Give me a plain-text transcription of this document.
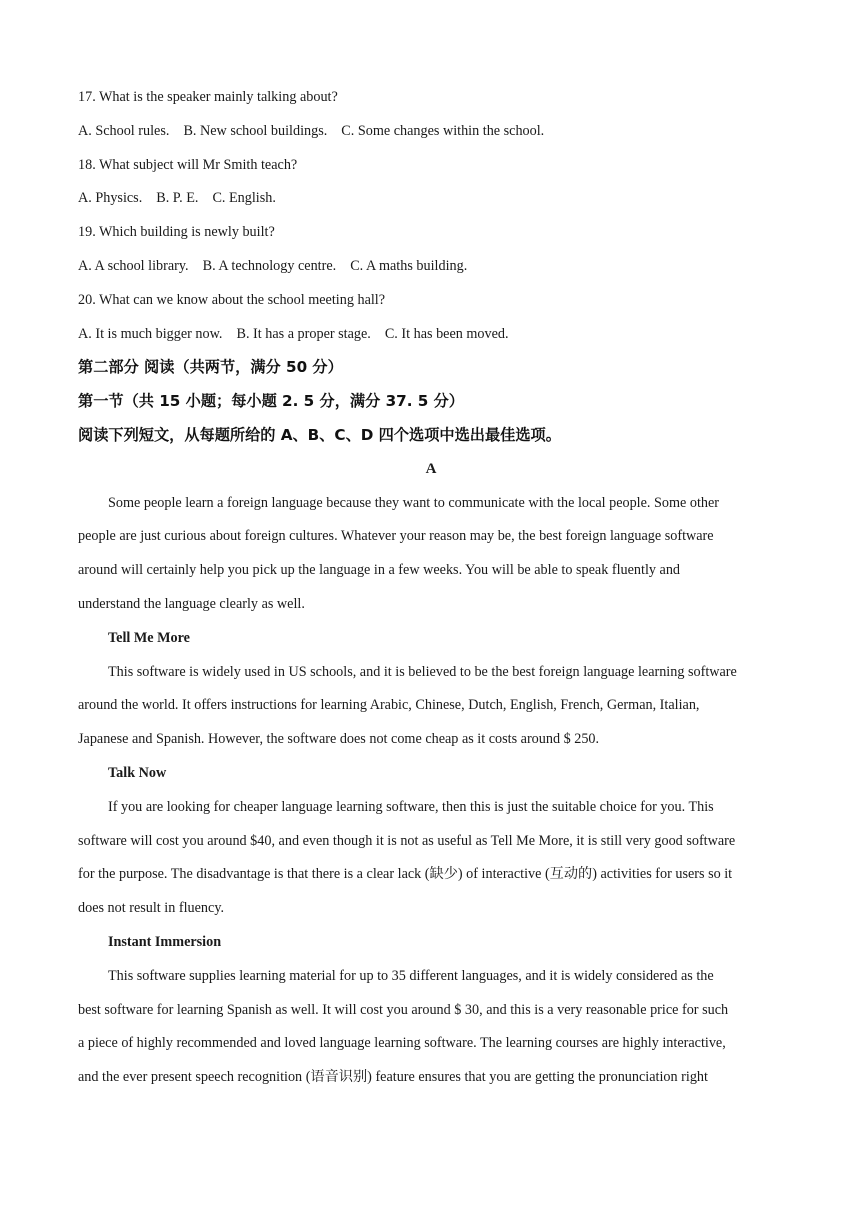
17. What is the speaker mainly talking about?
A. School rules. B. New school buildings. C. Some changes within the school.
18. What subject will Mr Smith teach?
A. Physics. B. P. E. C. English.
19. Which building is newly built?
A. A school library. B. A technology centre. C. A maths building.
20. What can we know about the school meeting hall?
A. It is much bigger now. B. It has a proper stage. C. It has been moved.
第二部分 阅读（共两节，满分 50 分）
第一节（共 15 小题；每小题 2. 5 分，满分 37. 5 分）
阅读下列短文，从每题所给的 A、B、C、D 四个选项中选出最佳选项。
A
Some people learn a foreign language because they want to communicate with the local people. Some other
people are just curious about foreign cultures. Whatever your reason may be, the best foreign language software
around will certainly help you pick up the language in a few weeks. You will be able to speak fluently and
understand the language clearly as well.
Tell Me More
This software is widely used in US schools, and it is believed to be the best foreign language learning software
around the world. It offers instructions for learning Arabic, Chinese, Dutch, English, French, German, Italian,
Japanese and Spanish. However, the software does not come cheap as it costs around $ 250.
Talk Now
If you are looking for cheaper language learning software, then this is just the suitable choice for you. This
software will cost you around $40, and even though it is not as useful as Tell Me More, it is still very good software
for the purpose. The disadvantage is that there is a clear lack (缺少) of interactive (互动的) activities for users so it
does not result in fluency.
Instant Immersion
This software supplies learning material for up to 35 different languages, and it is widely considered as the
best software for learning Spanish as well. It will cost you around $ 30, and this is a very reasonable price for such
a piece of highly recommended and loved language learning software. The learning courses are highly interactive,
and the ever present speech recognition (语音识别) feature ensures that you are getting the pronunciation right
